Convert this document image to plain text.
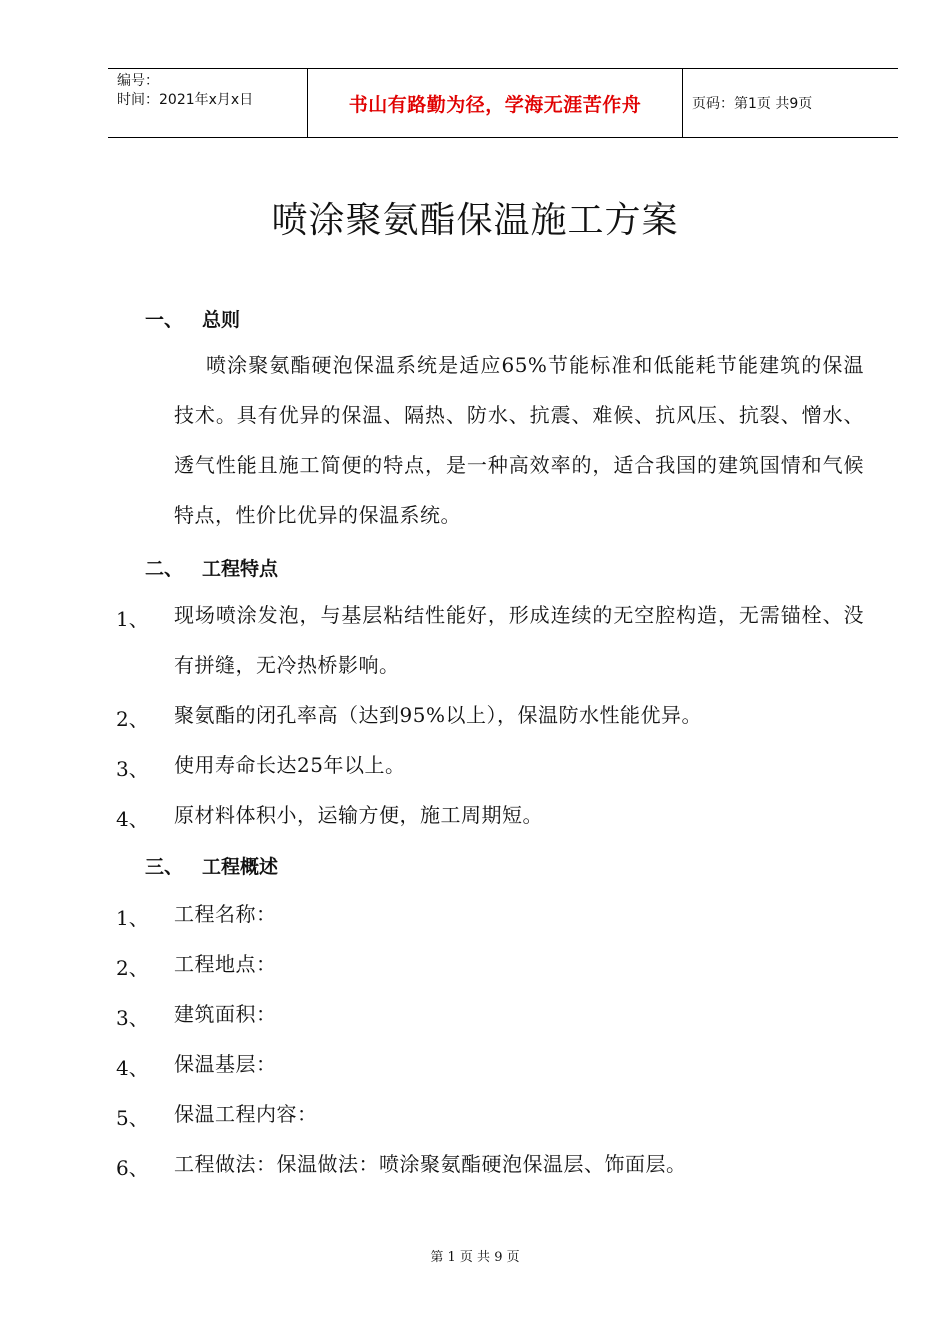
编号：
时间：2021年x月x日	书山有路勤为径，学海无涯苦作舟	页码：第1页 共9页
喷涂聚氨酯保温施工方案
一、 总则
喷涂聚氨酯硬泡保温系统是适应65%节能标准和低能耗节能建筑的保温技术。具有优异的保温、隔热、防水、抗震、难候、抗风压、抗裂、憎水、透气性能且施工简便的特点，是一种高效率的，适合我国的建筑国情和气候特点，性价比优异的保温系统。
二、 工程特点
1、 现场喷涂发泡，与基层粘结性能好，形成连续的无空腔构造，无需锚栓、没有拼缝，无冷热桥影响。
2、 聚氨酯的闭孔率高（达到95%以上），保温防水性能优异。
3、 使用寿命长达25年以上。
4、 原材料体积小，运输方便，施工周期短。
三、 工程概述
1、 工程名称：
2、 工程地点：
3、 建筑面积：
4、 保温基层：
5、 保温工程内容：
6、 工程做法：保温做法：喷涂聚氨酯硬泡保温层、饰面层。
第 1 页 共 9 页
